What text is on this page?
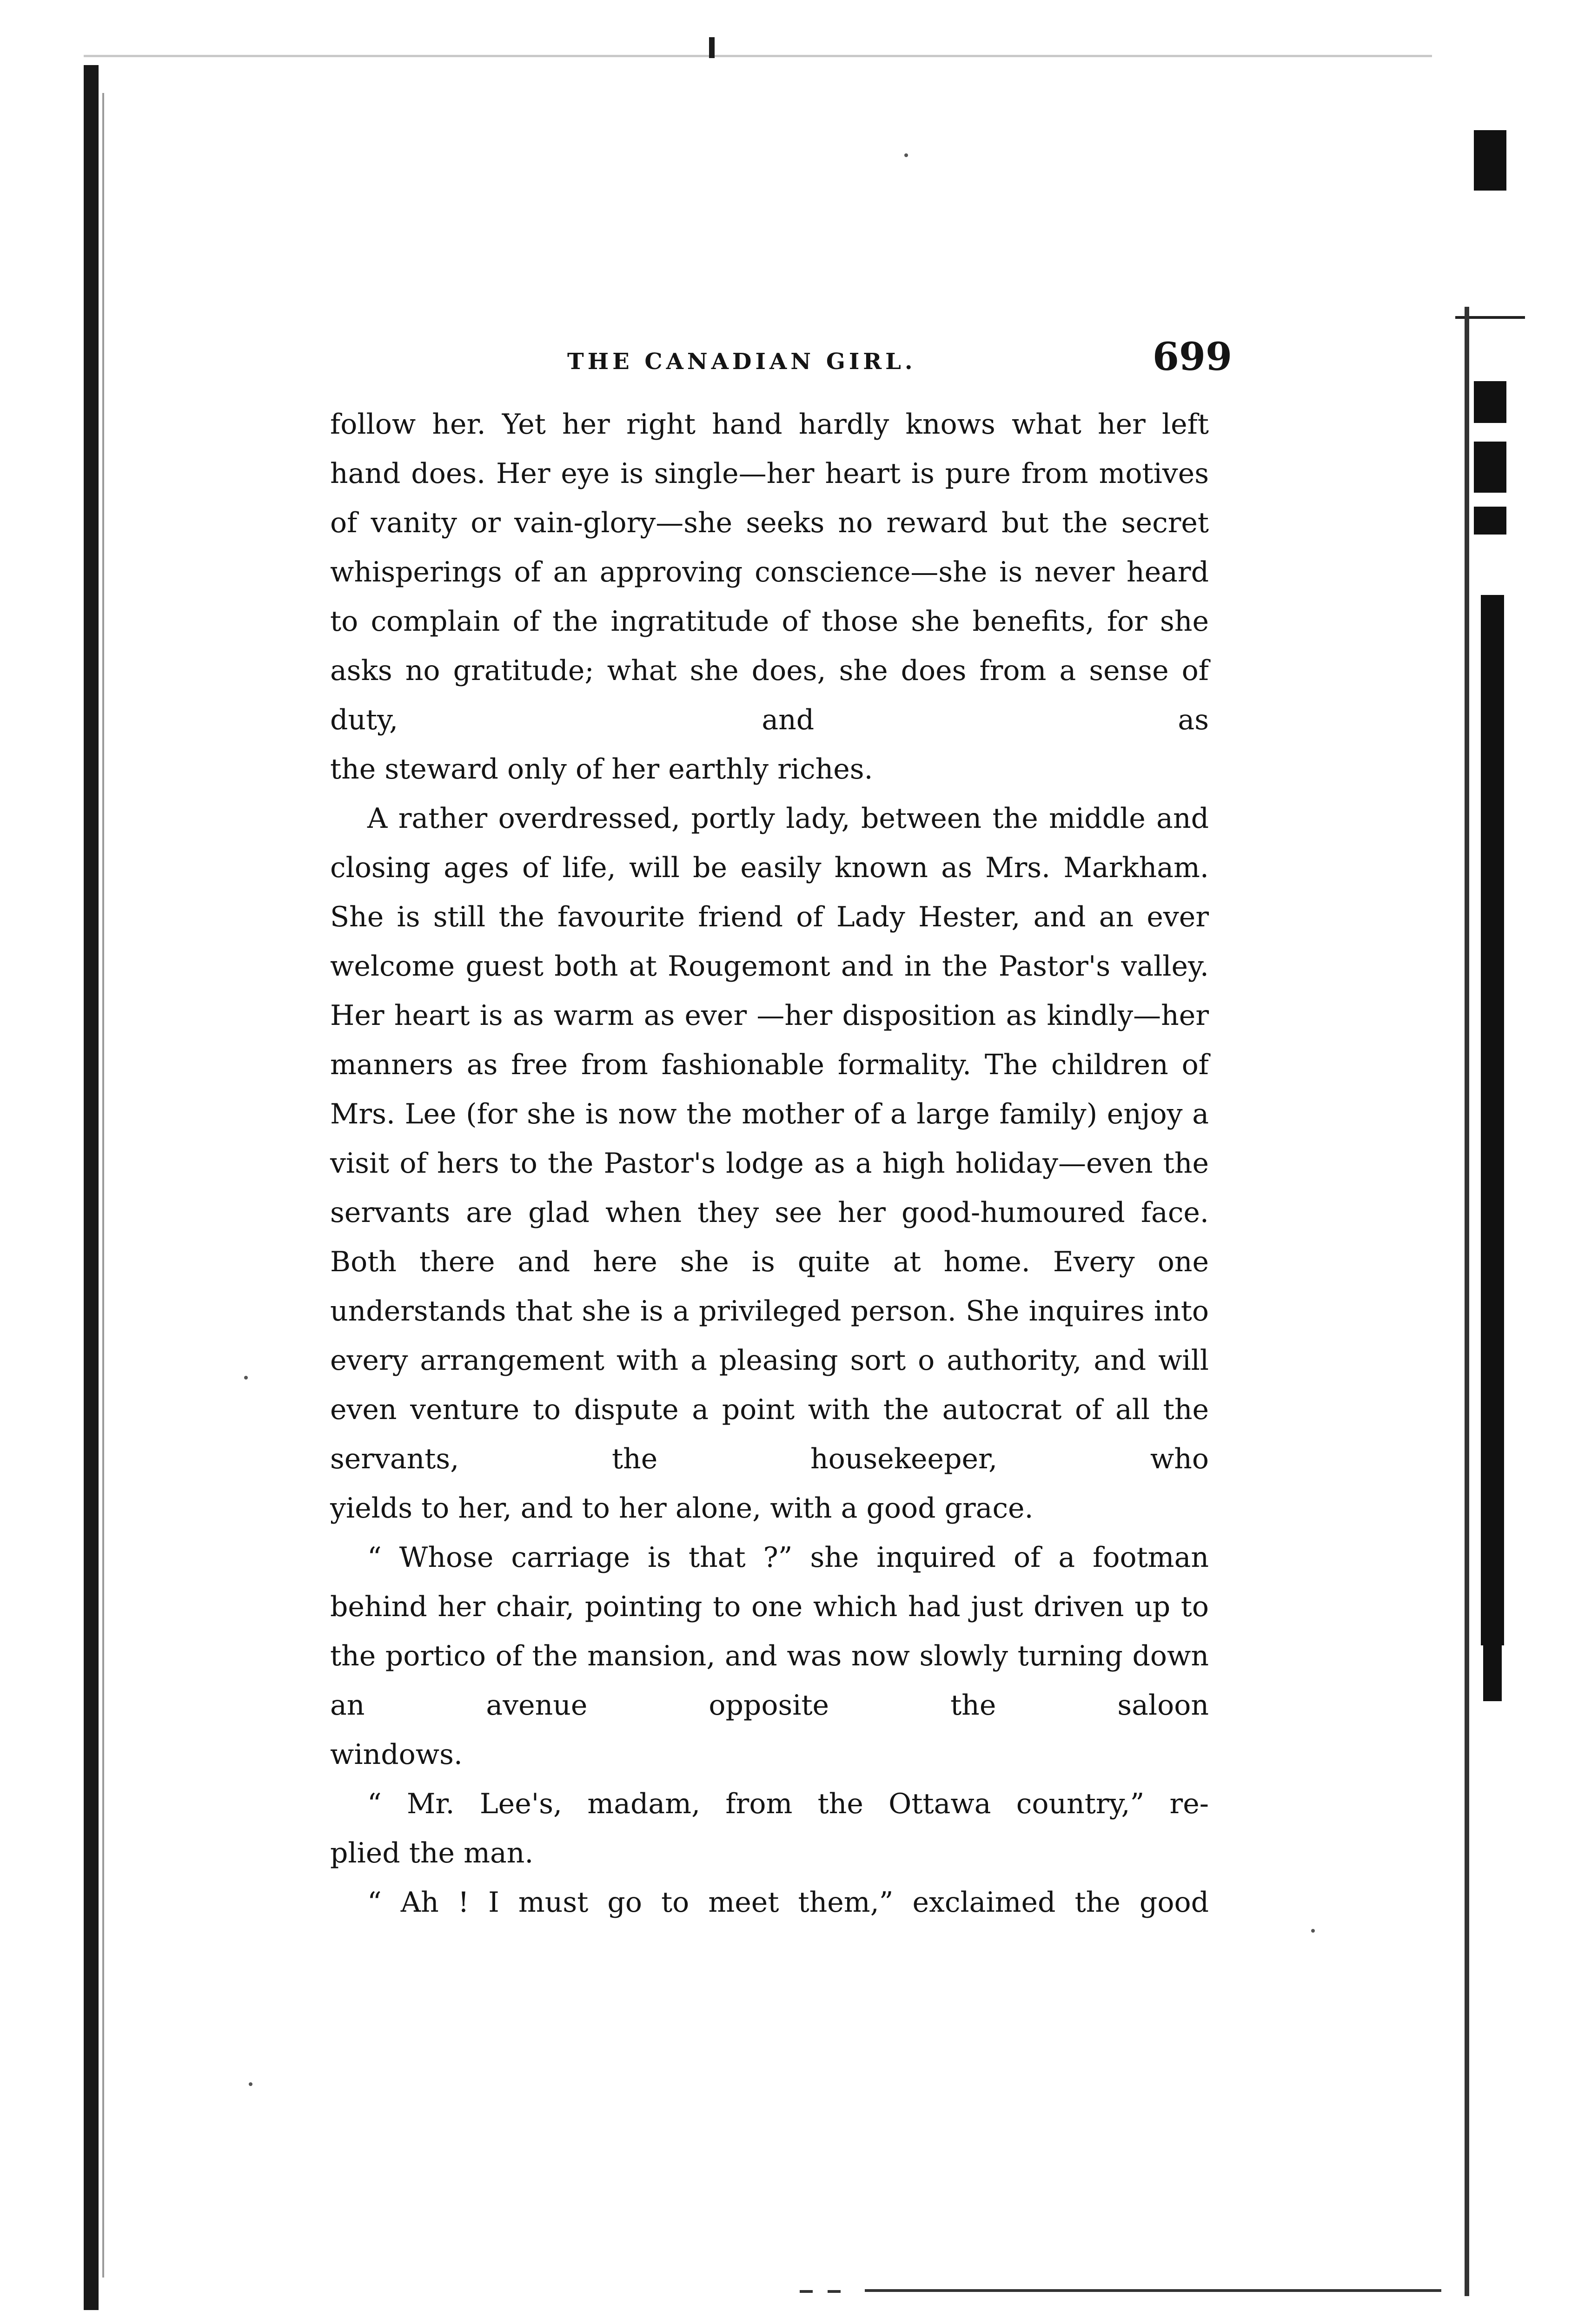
THE CANADIAN GIRL.	699

follow her. Yet her right hand hardly knows what her left hand does. Her eye is single—her heart is pure from motives of vanity or vain-glory—she seeks no reward but the secret whisperings of an approving conscience—she is never heard to complain of the ingratitude of those she benefits, for she asks no gratitude; what she does, she does from a sense of duty, and as

the steward only of her earthly riches.

A rather overdressed, portly lady, between the middle and closing ages of life, will be easily known as Mrs. Markham. She is still the favourite friend of Lady Hester, and an ever welcome guest both at Rougemont and in the Pastor's valley. Her heart is as warm as ever —her disposition as kindly—her manners as free from fashionable formality. The children of Mrs. Lee (for she is now the mother of a large family) enjoy a visit of hers to the Pastor's lodge as a high holiday—even the servants are glad when they see her good-humoured face. Both there and here she is quite at home. Every one understands that she is a privileged person. She inquires into every arrangement with a pleasing sort o authority, and will even venture to dispute a point with the autocrat of all the servants, the housekeeper, who

yields to her, and to her alone, with a good grace.

“ Whose carriage is that ?” she inquired of a footman behind her chair, pointing to one which had just driven up to the portico of the mansion, and was now slowly turning down an avenue opposite the saloon

windows.

“ Mr. Lee's, madam, from the Ottawa country,” re-

plied the man.

“ Ah ! I must go to meet them,” exclaimed the good
